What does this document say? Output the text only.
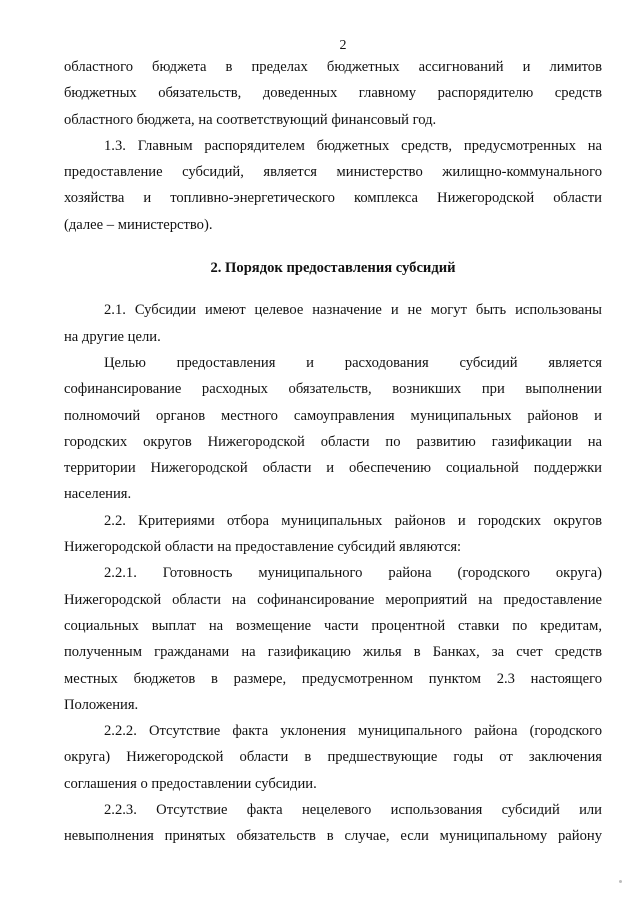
2
областного бюджета в пределах бюджетных ассигнований и лимитов
бюджетных обязательств, доведенных главному распорядителю средств
областного бюджета, на соответствующий финансовый год.
1.3. Главным распорядителем бюджетных средств, предусмотренных на
предоставление субсидий, является министерство жилищно-коммунального
хозяйства и топливно-энергетического комплекса Нижегородской области
(далее – министерство).
2. Порядок предоставления субсидий
2.1. Субсидии имеют целевое назначение и не могут быть использованы
на другие цели.
Целью предоставления и расходования субсидий является
софинансирование расходных обязательств, возникших при выполнении
полномочий органов местного самоуправления муниципальных районов и
городских округов Нижегородской области по развитию газификации на
территории Нижегородской области и обеспечению социальной поддержки
населения.
2.2. Критериями отбора муниципальных районов и городских округов
Нижегородской области на предоставление субсидий являются:
2.2.1. Готовность муниципального района (городского округа)
Нижегородской области на софинансирование мероприятий на предоставление
социальных выплат на возмещение части процентной ставки по кредитам,
полученным гражданами на газификацию жилья в Банках, за счет средств
местных бюджетов в размере, предусмотренном пунктом 2.3 настоящего
Положения.
2.2.2. Отсутствие факта уклонения муниципального района (городского
округа) Нижегородской области в предшествующие годы от заключения
соглашения о предоставлении субсидии.
2.2.3. Отсутствие факта нецелевого использования субсидий или
невыполнения принятых обязательств в случае, если муниципальному району
